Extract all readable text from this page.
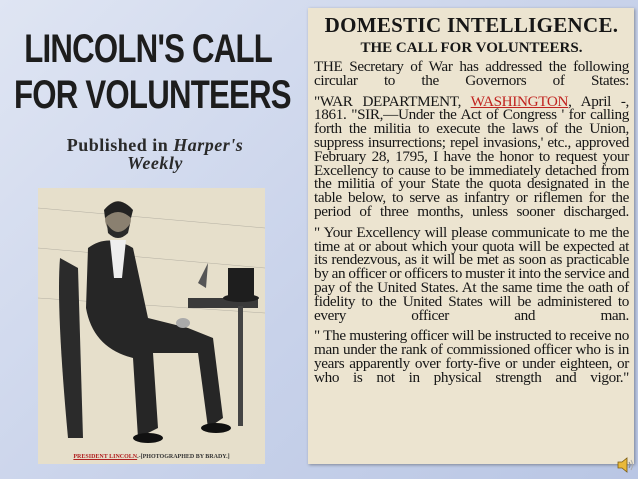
LINCOLN'S CALL
FOR VOLUNTEERS
Published in Harper's
Weekly
PRESIDENT LINCOLN.-[PHOTOGRAPHED BY BRADY.]
DOMESTIC INTELLIGENCE.
THE CALL FOR VOLUNTEERS.

THE Secretary of War has addressed the following circular to the Governors of States:

"WAR DEPARTMENT, WASHINGTON, April -, 1861. "SIR,—Under the Act of Congress ' for calling forth the militia to execute the laws of the Union, suppress insurrections; repel invasions,' etc., approved February 28, 1795, I have the honor to request your Excellency to cause to be immediately detached from the militia of your State the quota designated in the table below, to serve as infantry or riflemen for the period of three months, unless sooner discharged.

" Your Excellency will please communicate to me the time at or about which your quota will be expected at its rendezvous, as it will be met as soon as practicable by an officer or officers to muster it into the service and pay of the United States. At the same time the oath of fidelity to the United States will be administered to every officer and man.

" The mustering officer will be instructed to receive no man under the rank of commissioned officer who is in years apparently over forty-five or under eighteen, or who is not in physical strength and vigor."
